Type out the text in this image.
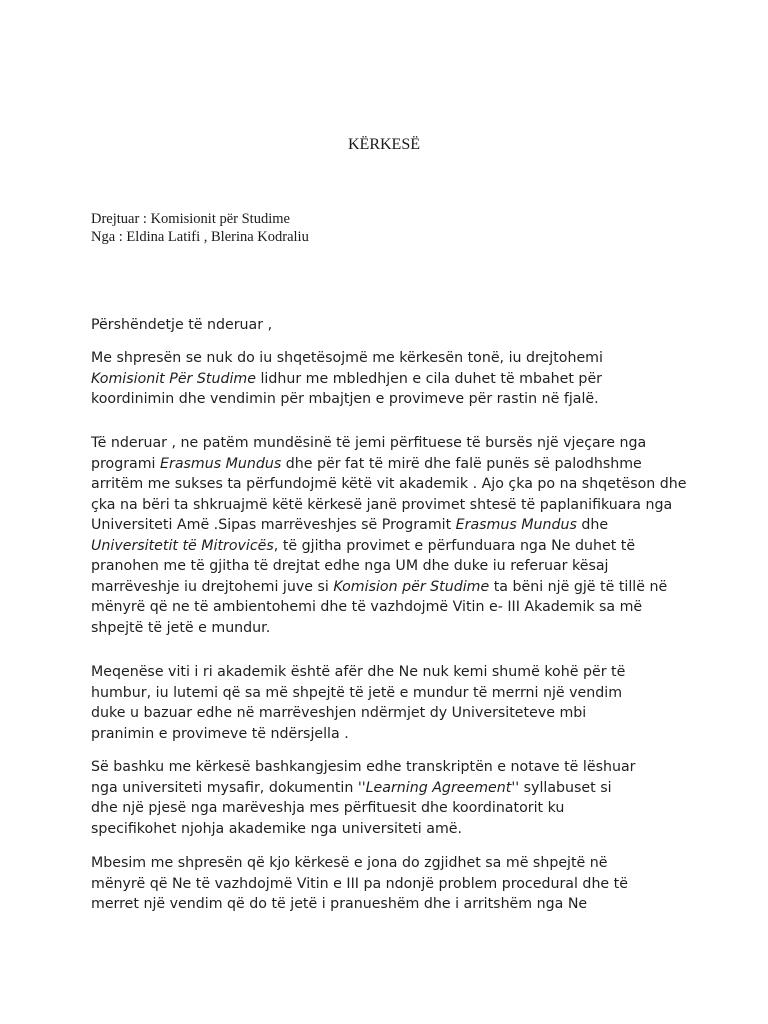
KËRKESË
Drejtuar : Komisionit për Studime
Nga : Eldina Latifi , Blerina Kodraliu
Përshëndetje të nderuar ,
Me shpresën se nuk do iu shqetësojmë me kërkesën tonë, iu drejtohemi
Komisionit Për Studime lidhur me mbledhjen e cila duhet të mbahet për
koordinimin dhe vendimin për mbajtjen e provimeve për rastin në fjalë.
Të nderuar , ne patëm mundësinë të jemi përfituese të bursës një vjeçare nga
programi Erasmus Mundus dhe për fat të mirë dhe falë punës së palodhshme
arritëm me sukses ta përfundojmë këtë vit akademik . Ajo çka po na shqetëson dhe
çka na bëri ta shkruajmë këtë kërkesë janë provimet shtesë të paplanifikuara nga
Universiteti Amë .Sipas marrëveshjes së Programit Erasmus Mundus dhe
Universitetit të Mitrovicës, të gjitha provimet e përfunduara nga Ne duhet të
pranohen me të gjitha të drejtat edhe nga UM dhe duke iu referuar kësaj
marrëveshje iu drejtohemi juve si Komision për Studime ta bëni një gjë të tillë në
mënyrë që ne të ambientohemi dhe të vazhdojmë Vitin e- III Akademik sa më
shpejtë të jetë e mundur.
Meqenëse viti i ri akademik është afër dhe Ne nuk kemi shumë kohë për të
humbur, iu lutemi që sa më shpejtë të jetë e mundur të merrni një vendim
duke u bazuar edhe në marrëveshjen ndërmjet dy Universiteteve mbi
pranimin e provimeve të ndërsjella .
Së bashku me kërkesë bashkangjesim edhe transkriptën e notave të lëshuar
nga universiteti mysafir, dokumentin ''Learning Agreement'' syllabuset si
dhe një pjesë nga marëveshja mes përfituesit dhe koordinatorit ku
specifikohet njohja akademike nga universiteti amë.
Mbesim me shpresën që kjo kërkesë e jona do zgjidhet sa më shpejtë në
mënyrë që Ne të vazhdojmë Vitin e III pa ndonjë problem procedural dhe të
merret një vendim që do të jetë i pranueshëm dhe i arritshëm nga Ne
